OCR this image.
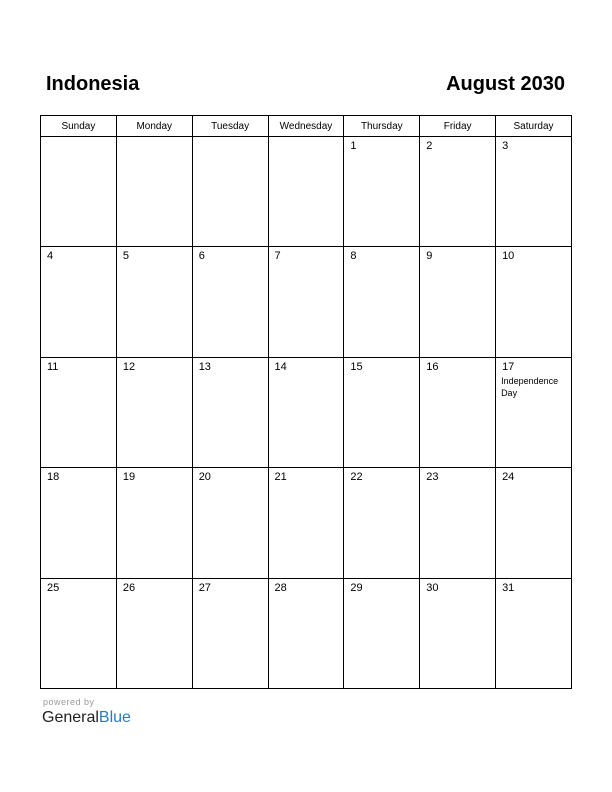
Indonesia	August 2030
Sunday	Monday	Tuesday	Wednesday	Thursday	Friday	Saturday

				1	2	3

4	5	6	7	8	9	10

11	12	13	14	15	16	17
Independence Day

18	19	20	21	22	23	24

25	26	27	28	29	30	31
powered by
GeneralBlue
